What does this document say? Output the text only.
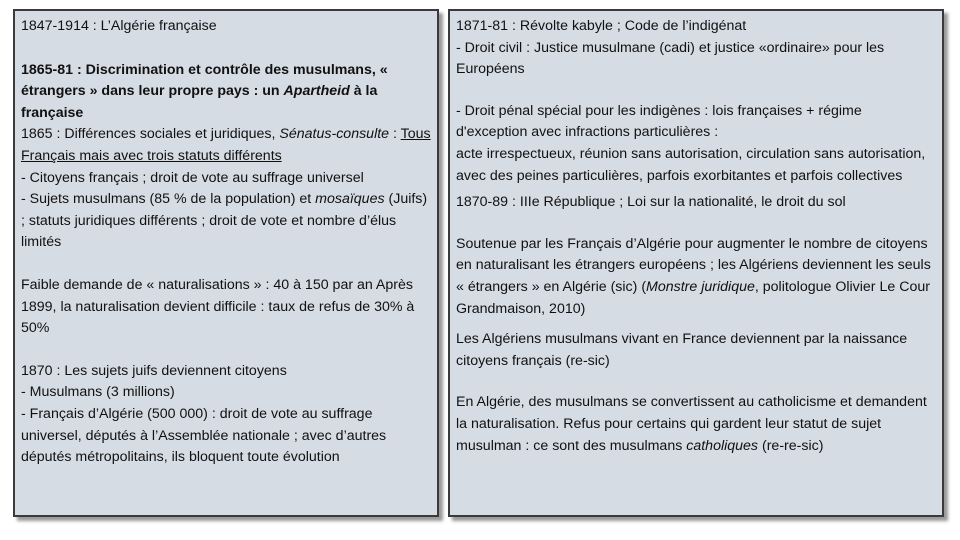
1847-1914 : L’Algérie française

1865-81 : Discrimination et contrôle des musulmans, « étrangers » dans leur propre pays : un Apartheid à la française

1865 : Différences sociales et juridiques, Sénatus-consulte : Tous Français mais avec trois statuts différents

- Citoyens français ; droit de vote au suffrage universel

- Sujets musulmans (85 % de la population) et mosaïques (Juifs) ; statuts juridiques différents ; droit de vote et nombre d’élus limités

Faible demande de « naturalisations » : 40 à 150 par an Après 1899, la naturalisation devient difficile : taux de refus de 30% à 50%

1870 : Les sujets juifs deviennent citoyens

- Musulmans (3 millions)

- Français d’Algérie (500 000) : droit de vote au suffrage universel, députés à l’Assemblée nationale ; avec d’autres députés métropolitains, ils bloquent toute évolution

1871-81 : Révolte kabyle ; Code de l’indigénat

- Droit civil : Justice musulmane (cadi) et justice «ordinaire» pour les Européens

- Droit pénal spécial pour les indigènes : lois françaises + régime d'exception avec infractions particulières :

acte irrespectueux, réunion sans autorisation, circulation sans autorisation, avec des peines particulières, parfois exorbitantes et parfois collectives

1870-89 : IIIe République ; Loi sur la nationalité, le droit du sol

Soutenue par les Français d’Algérie pour augmenter le nombre de citoyens en naturalisant les étrangers européens ; les Algériens deviennent les seuls « étrangers » en Algérie (sic) (Monstre juridique, politologue Olivier Le Cour Grandmaison, 2010)

Les Algériens musulmans vivant en France deviennent par la naissance citoyens français (re-sic)

En Algérie, des musulmans se convertissent au catholicisme et demandent la naturalisation. Refus pour certains qui gardent leur statut de sujet musulman : ce sont des musulmans catholiques (re-re-sic)
